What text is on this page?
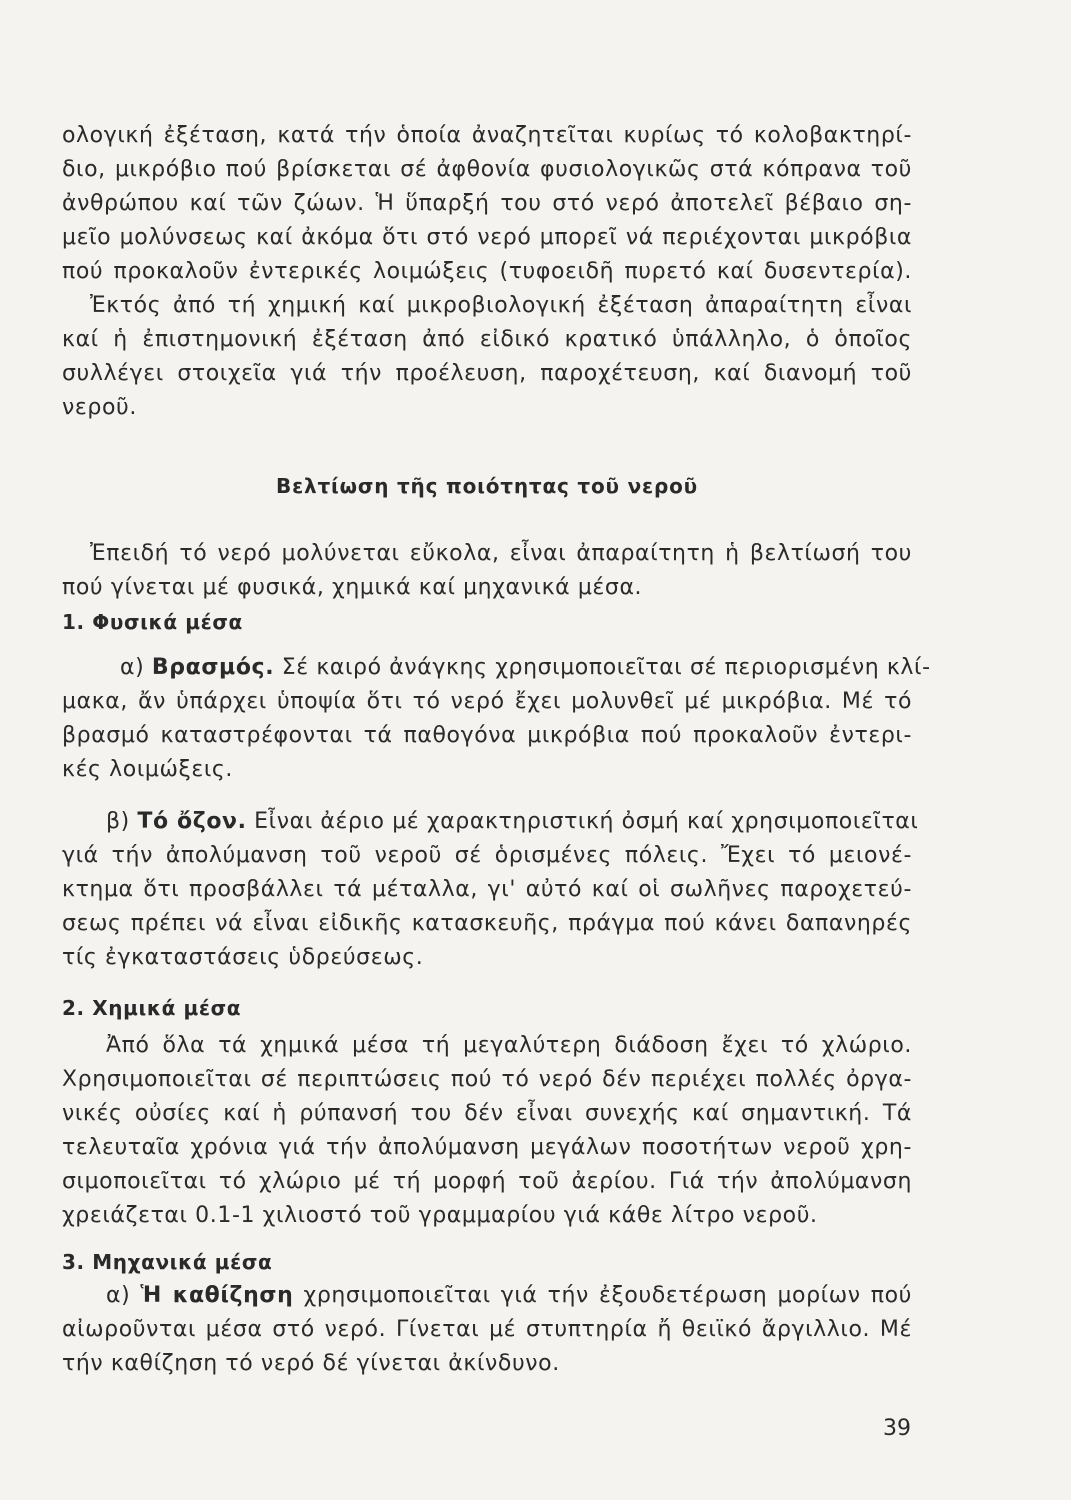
ολογική ἐξέταση, κατά τήν ὁποία ἀναζητεῖται κυρίως τό κολοβακτηρί-
διο, μικρόβιο πού βρίσκεται σέ ἀφθονία φυσιολογικῶς στά κόπρανα τοῦ
ἀνθρώπου καί τῶν ζώων. Ἡ ὕπαρξή του στό νερό ἀποτελεῖ βέβαιο ση-
μεῖο μολύνσεως καί ἀκόμα ὅτι στό νερό μπορεῖ νά περιέχονται μικρόβια
πού προκαλοῦν ἐντερικές λοιμώξεις (τυφοειδῆ πυρετό καί δυσεντερία).
Ἐκτός ἀπό τή χημική καί μικροβιολογική ἐξέταση ἀπαραίτητη εἶναι
καί ἡ ἐπιστημονική ἐξέταση ἀπό εἰδικό κρατικό ὑπάλληλο, ὁ ὁποῖος
συλλέγει στοιχεῖα γιά τήν προέλευση, παροχέτευση, καί διανομή τοῦ
νεροῦ.
Βελτίωση τῆς ποιότητας τοῦ νεροῦ
Ἐπειδή τό νερό μολύνεται εὔκολα, εἶναι ἀπαραίτητη ἡ βελτίωσή του
πού γίνεται μέ φυσικά, χημικά καί μηχανικά μέσα.
1. Φυσικά μέσα
α) Βρασμός. Σέ καιρό ἀνάγκης χρησιμοποιεῖται σέ περιορισμένη κλί-
μακα, ἄν ὑπάρχει ὑποψία ὅτι τό νερό ἔχει μολυνθεῖ μέ μικρόβια. Μέ τό
βρασμό καταστρέφονται τά παθογόνα μικρόβια πού προκαλοῦν ἐντερι-
κές λοιμώξεις.
β) Τό ὄζον. Εἶναι ἀέριο μέ χαρακτηριστική ὀσμή καί χρησιμοποιεῖται
γιά τήν ἀπολύμανση τοῦ νεροῦ σέ ὁρισμένες πόλεις. Ἔχει τό μειονέ-
κτημα ὅτι προσβάλλει τά μέταλλα, γι' αὐτό καί οἱ σωλῆνες παροχετεύ-
σεως πρέπει νά εἶναι εἰδικῆς κατασκευῆς, πράγμα πού κάνει δαπανηρές
τίς ἐγκαταστάσεις ὑδρεύσεως.
2. Χημικά μέσα
Ἀπό ὅλα τά χημικά μέσα τή μεγαλύτερη διάδοση ἔχει τό χλώριο.
Χρησιμοποιεῖται σέ περιπτώσεις πού τό νερό δέν περιέχει πολλές ὀργα-
νικές οὐσίες καί ἡ ρύπανσή του δέν εἶναι συνεχής καί σημαντική. Τά
τελευταῖα χρόνια γιά τήν ἀπολύμανση μεγάλων ποσοτήτων νεροῦ χρη-
σιμοποιεῖται τό χλώριο μέ τή μορφή τοῦ ἀερίου. Γιά τήν ἀπολύμανση
χρειάζεται 0.1-1 χιλιοστό τοῦ γραμμαρίου γιά κάθε λίτρο νεροῦ.
3. Μηχανικά μέσα
α) Ἡ καθίζηση χρησιμοποιεῖται γιά τήν ἐξουδετέρωση μορίων πού
αἰωροῦνται μέσα στό νερό. Γίνεται μέ στυπτηρία ἤ θειϊκό ἄργιλλιο. Μέ
τήν καθίζηση τό νερό δέ γίνεται ἀκίνδυνο.
39
